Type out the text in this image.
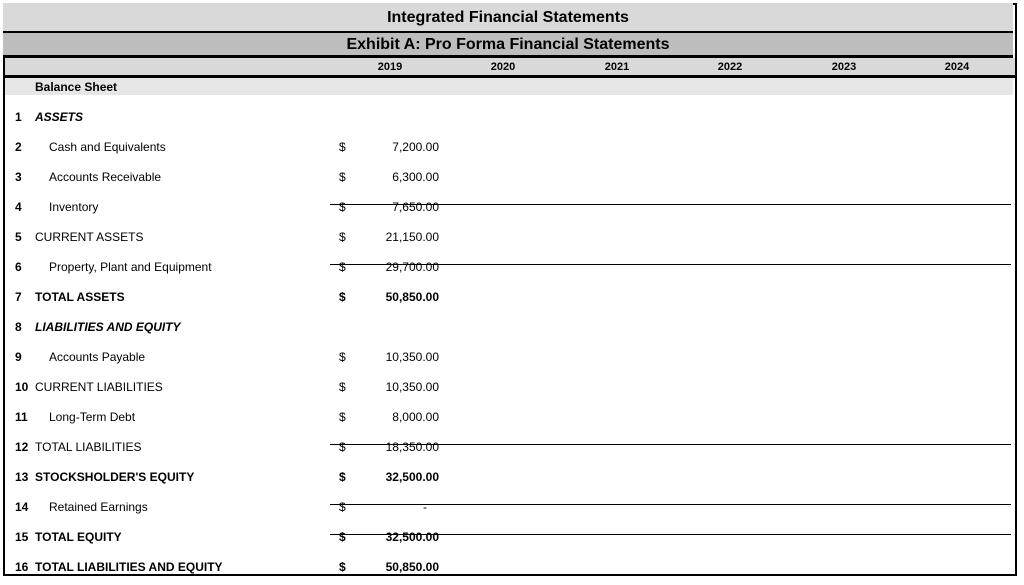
Integrated Financial Statements
Exhibit A: Pro Forma Financial Statements
2019	2020	2021	2022	2023	2024
Balance Sheet
1 ASSETS
2 Cash and Equivalents	$	7,200.00
3 Accounts Receivable	$	6,300.00
4 Inventory	$	7,650.00
5 CURRENT ASSETS	$	21,150.00
6 Property, Plant and Equipment	$	29,700.00
7 TOTAL ASSETS	$	50,850.00
8 LIABILITIES AND EQUITY
9 Accounts Payable	$	10,350.00
10 CURRENT LIABILITIES	$	10,350.00
11 Long-Term Debt	$	8,000.00
12 TOTAL LIABILITIES	$	18,350.00
13 STOCKSHOLDER'S EQUITY	$	32,500.00
14 Retained Earnings	$	-
15 TOTAL EQUITY	$	32,500.00
16 TOTAL LIABILITIES AND EQUITY	$	50,850.00
